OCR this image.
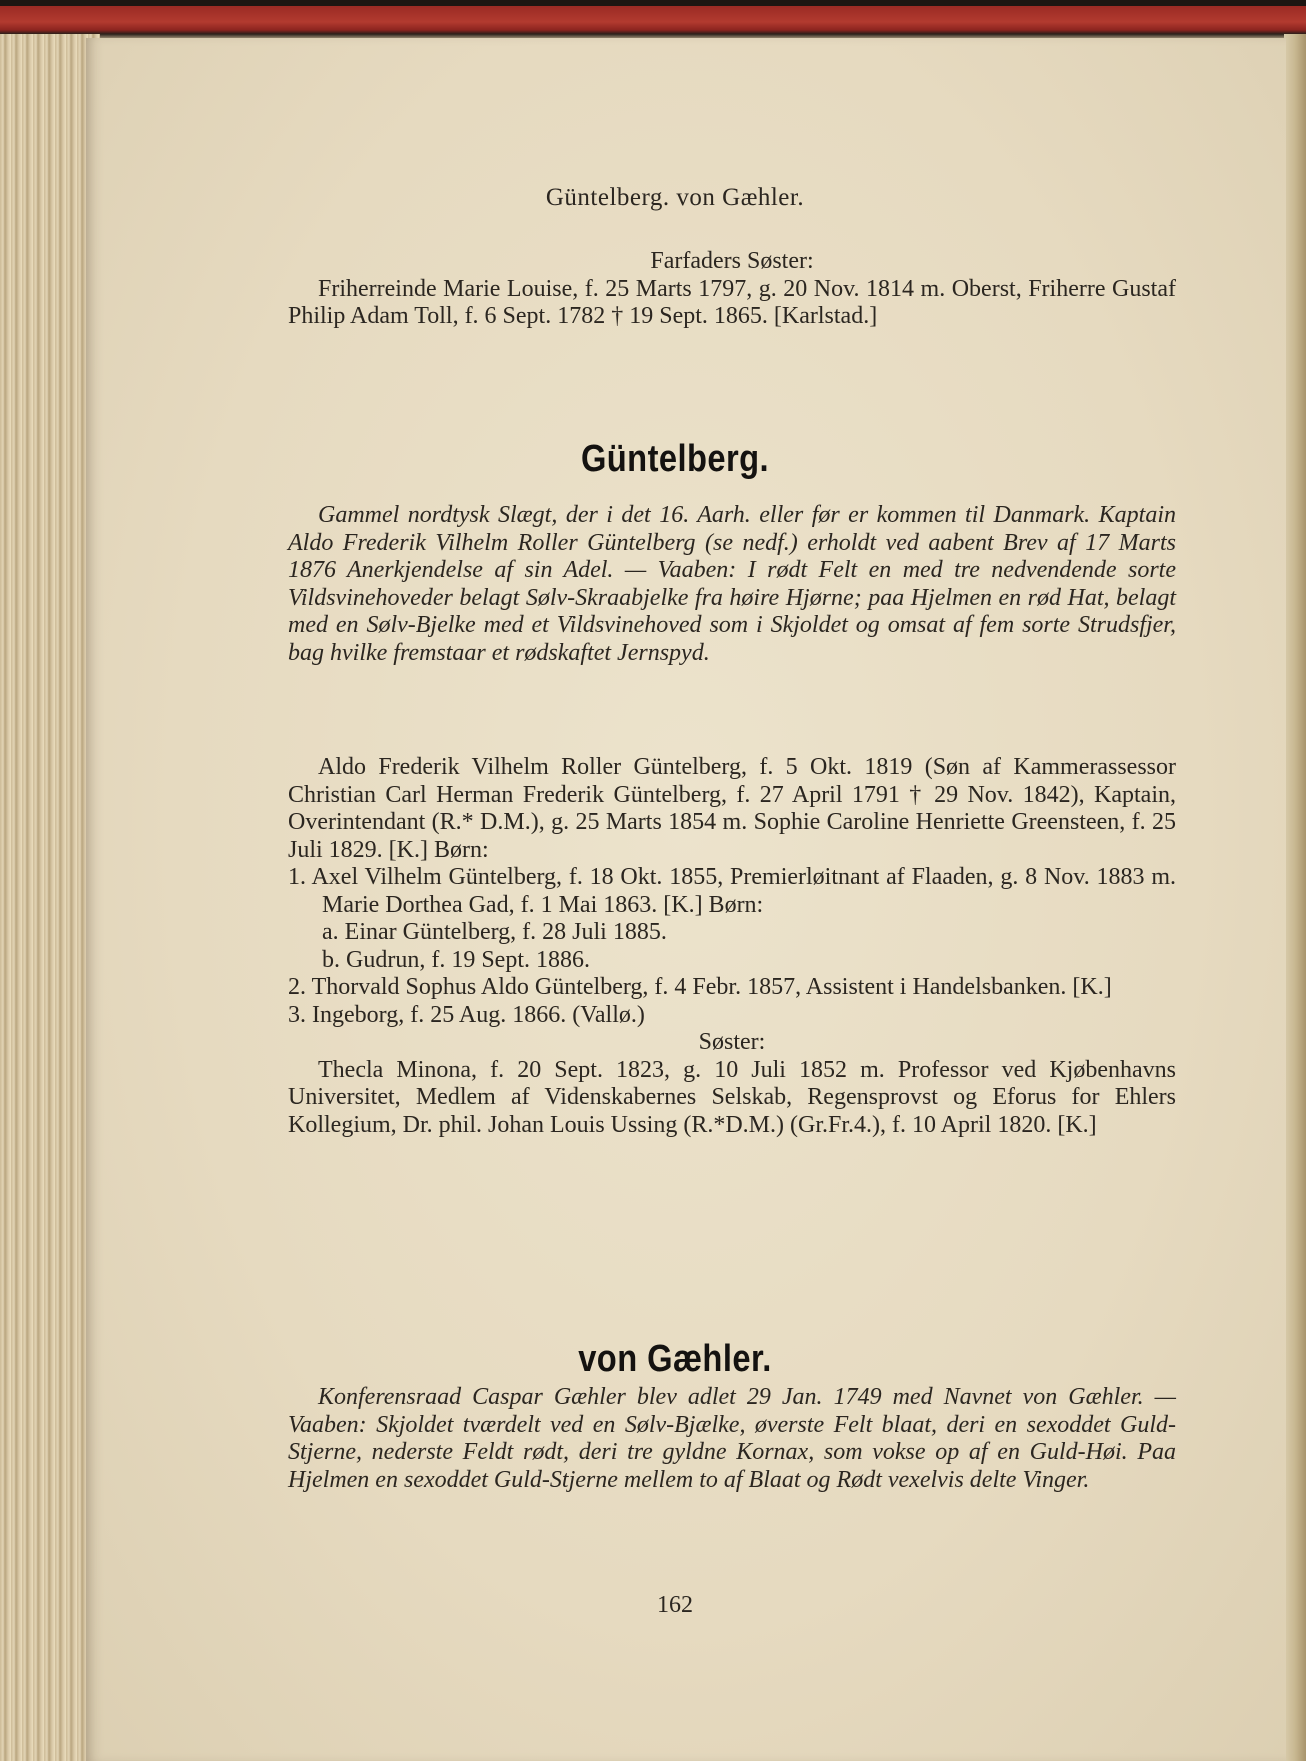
Güntelberg. von Gæhler.
Farfaders Søster:
Friherreinde Marie Louise, f. 25 Marts 1797, g. 20 Nov. 1814 m. Oberst, Friherre Gustaf Philip Adam Toll, f. 6 Sept. 1782 † 19 Sept. 1865. [Karlstad.]
Güntelberg.
Gammel nordtysk Slægt, der i det 16. Aarh. eller før er kommen til Danmark. Kaptain Aldo Frederik Vilhelm Roller Güntelberg (se nedf.) erholdt ved aabent Brev af 17 Marts 1876 Anerkjendelse af sin Adel. — Vaaben: I rødt Felt en med tre nedvendende sorte Vildsvinehoveder belagt Sølv-Skraabjelke fra høire Hjørne; paa Hjelmen en rød Hat, belagt med en Sølv-Bjelke med et Vildsvinehoved som i Skjoldet og omsat af fem sorte Strudsfjer, bag hvilke fremstaar et rødskaftet Jernspyd.
Aldo Frederik Vilhelm Roller Güntelberg, f. 5 Okt. 1819 (Søn af Kammerassessor Christian Carl Herman Frederik Güntelberg, f. 27 April 1791 † 29 Nov. 1842), Kaptain, Overintendant (R.* D.M.), g. 25 Marts 1854 m. Sophie Caroline Henriette Greensteen, f. 25 Juli 1829. [K.] Børn:
1. Axel Vilhelm Güntelberg, f. 18 Okt. 1855, Premierløitnant af Flaaden, g. 8 Nov. 1883 m. Marie Dorthea Gad, f. 1 Mai 1863. [K.] Børn:
a. Einar Güntelberg, f. 28 Juli 1885.
b. Gudrun, f. 19 Sept. 1886.
2. Thorvald Sophus Aldo Güntelberg, f. 4 Febr. 1857, Assistent i Handelsbanken. [K.]
3. Ingeborg, f. 25 Aug. 1866. (Vallø.)
Søster:
Thecla Minona, f. 20 Sept. 1823, g. 10 Juli 1852 m. Professor ved Kjøbenhavns Universitet, Medlem af Videnskabernes Selskab, Regensprovst og Eforus for Ehlers Kollegium, Dr. phil. Johan Louis Ussing (R.*D.M.) (Gr.Fr.4.), f. 10 April 1820. [K.]
von Gæhler.
Konferensraad Caspar Gæhler blev adlet 29 Jan. 1749 med Navnet von Gæhler. — Vaaben: Skjoldet tværdelt ved en Sølv-Bjælke, øverste Felt blaat, deri en sexoddet Guld-Stjerne, nederste Feldt rødt, deri tre gyldne Kornax, som vokse op af en Guld-Høi. Paa Hjelmen en sexoddet Guld-Stjerne mellem to af Blaat og Rødt vexelvis delte Vinger.
162
